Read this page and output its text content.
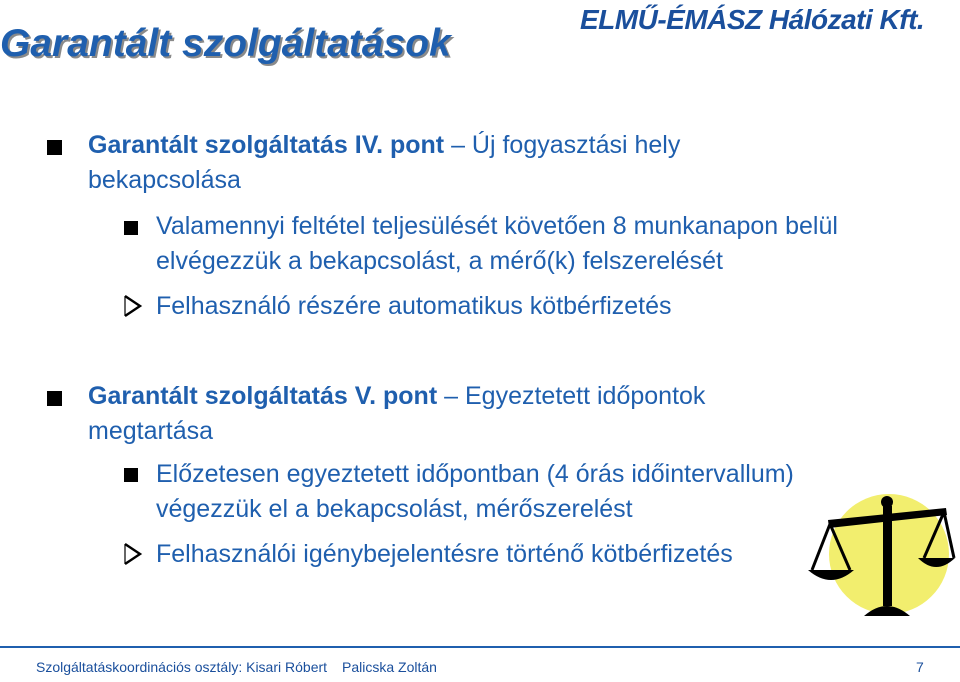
Garantált szolgáltatások
ELMŰ-ÉMÁSZ Hálózati Kft.
Garantált szolgáltatás IV. pont – Új fogyasztási hely bekapcsolása
Valamennyi feltétel teljesülését követően 8 munkanapon belül elvégezzük a bekapcsolást, a mérő(k) felszerelését
Felhasználó részére automatikus kötbérfizetés
Garantált szolgáltatás V. pont – Egyeztetett időpontok megtartása
Előzetesen egyeztetett időpontban (4 órás időintervallum) végezzük el a bekapcsolást, mérőszerelést
Felhasználói igénybejelentésre történő kötbérfizetés
Szolgáltatáskoordinációs osztály: Kisari Róbert Palicska Zoltán	7
